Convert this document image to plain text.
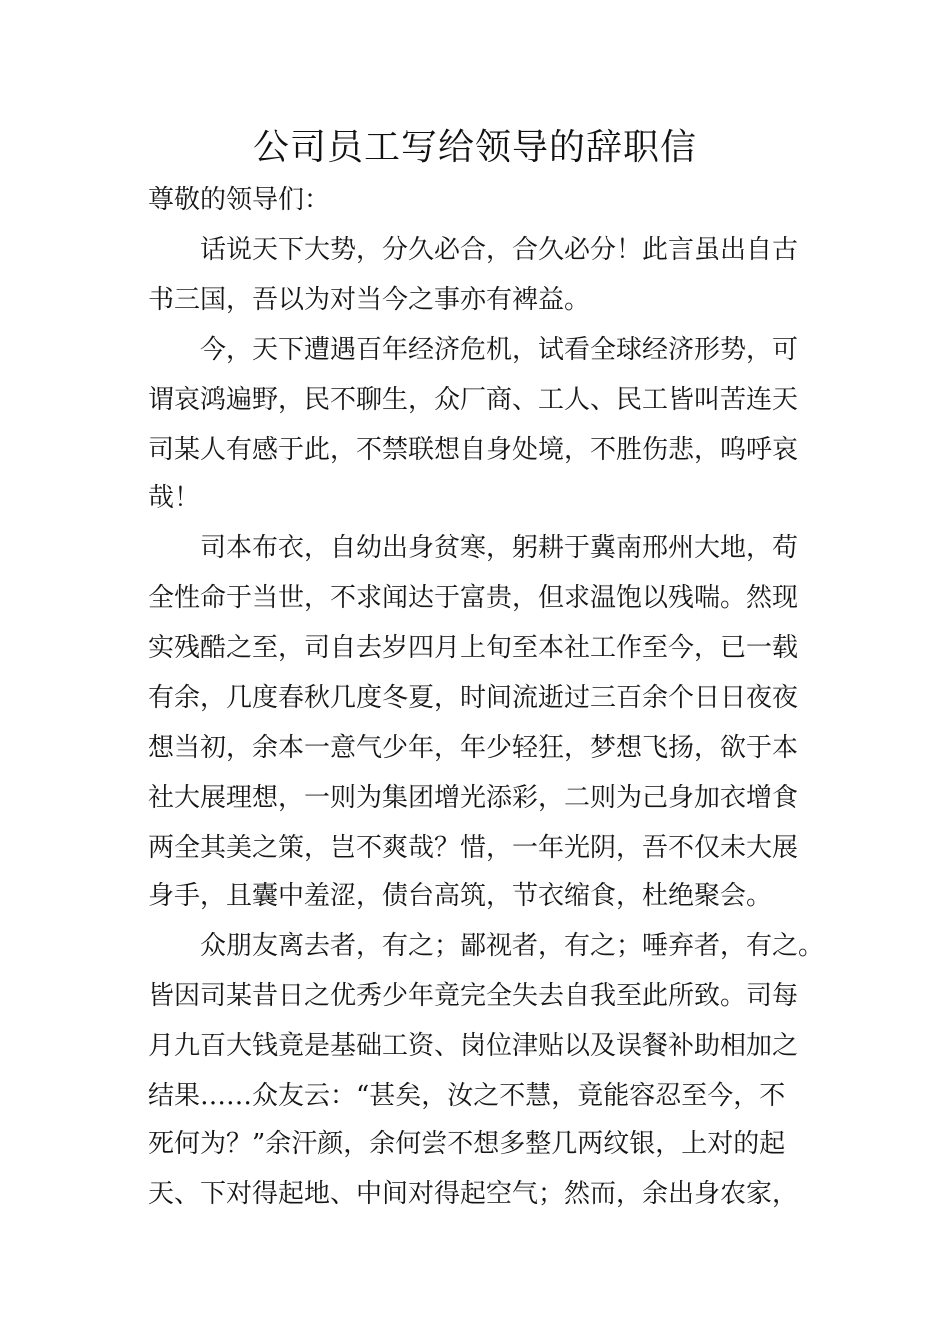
公司员工写给领导的辞职信
尊敬的领导们：
话说天下大势，分久必合，合久必分！此言虽出自古
书三国，吾以为对当今之事亦有裨益。
今，天下遭遇百年经济危机，试看全球经济形势，可
谓哀鸿遍野，民不聊生，众厂商、工人、民工皆叫苦连天
司某人有感于此，不禁联想自身处境，不胜伤悲，呜呼哀
哉！
司本布衣，自幼出身贫寒，躬耕于冀南邢州大地，苟
全性命于当世，不求闻达于富贵，但求温饱以残喘。然现
实残酷之至，司自去岁四月上旬至本社工作至今，已一载
有余，几度春秋几度冬夏，时间流逝过三百余个日日夜夜
想当初，余本一意气少年，年少轻狂，梦想飞扬，欲于本
社大展理想，一则为集团增光添彩，二则为己身加衣增食
两全其美之策，岂不爽哉？惜，一年光阴，吾不仅未大展
身手，且囊中羞涩，债台高筑，节衣缩食，杜绝聚会。
众朋友离去者，有之；鄙视者，有之；唾弃者，有之。
皆因司某昔日之优秀少年竟完全失去自我至此所致。司每
月九百大钱竟是基础工资、岗位津贴以及误餐补助相加之
结果……众友云：“甚矣，汝之不慧，竟能容忍至今，不
死何为？”余汗颜，余何尝不想多整几两纹银，上对的起
天、下对得起地、中间对得起空气；然而，余出身农家，
